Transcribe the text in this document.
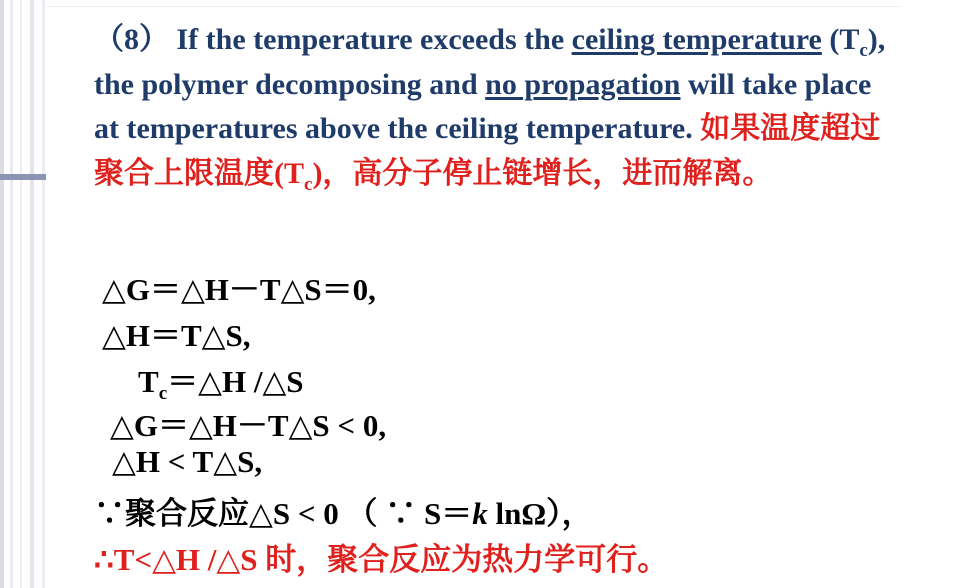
（8） If the temperature exceeds the ceiling temperature $(T_c)$, the polymer decomposing and no propagation will take place at temperatures above the ceiling temperature. 如果温度超过聚合上限温度$(T_c)$，高分子停止链增长，进而解离。
△G＝△H－T△S＝0,
△H＝T△S,
$T_c=\triangle H$ /△S
△G＝△H－T△S < 0,
△H < T△S,
∵聚合反应△S < 0 （ ∵ S＝k lnΩ），
∴T<△H /△S 时，聚合反应为热力学可行。
